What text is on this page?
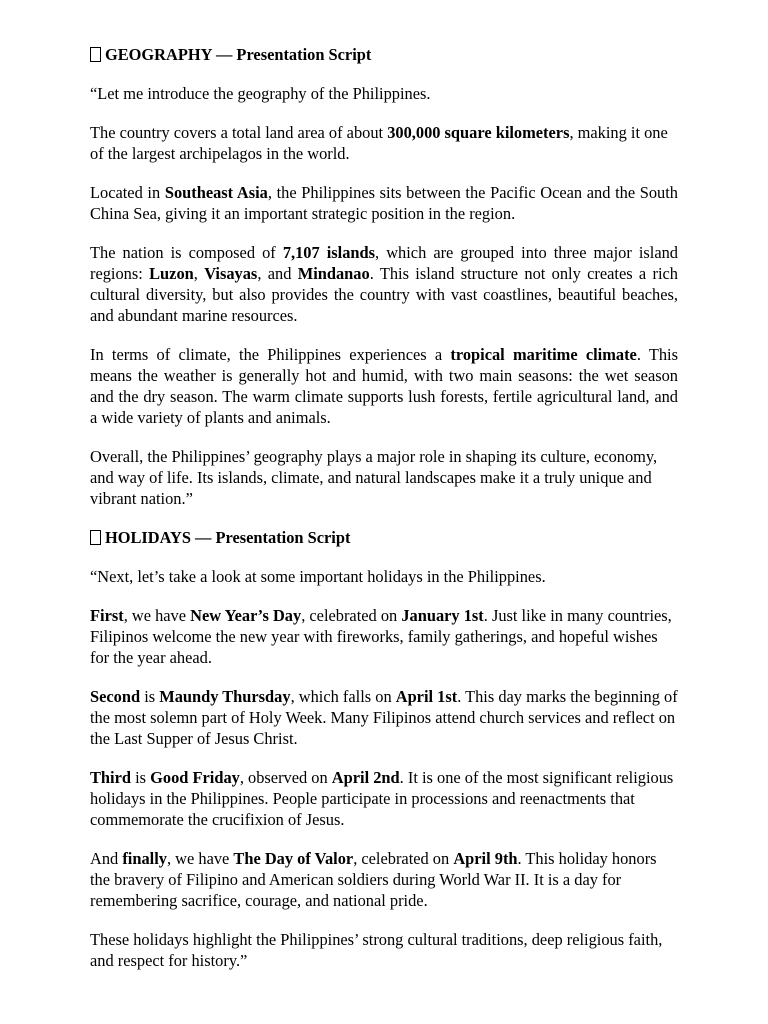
GEOGRAPHY — Presentation Script

“Let me introduce the geography of the Philippines.

The country covers a total land area of about 300,000 square kilometers, making it one of the largest archipelagos in the world.

Located in Southeast Asia, the Philippines sits between the Pacific Ocean and the South China Sea, giving it an important strategic position in the region.

The nation is composed of 7,107 islands, which are grouped into three major island regions: Luzon, Visayas, and Mindanao. This island structure not only creates a rich cultural diversity, but also provides the country with vast coastlines, beautiful beaches, and abundant marine resources.

In terms of climate, the Philippines experiences a tropical maritime climate. This means the weather is generally hot and humid, with two main seasons: the wet season and the dry season. The warm climate supports lush forests, fertile agricultural land, and a wide variety of plants and animals.

Overall, the Philippines’ geography plays a major role in shaping its culture, economy, and way of life. Its islands, climate, and natural landscapes make it a truly unique and vibrant nation.”

HOLIDAYS — Presentation Script

“Next, let’s take a look at some important holidays in the Philippines.

First, we have New Year’s Day, celebrated on January 1st. Just like in many countries, Filipinos welcome the new year with fireworks, family gatherings, and hopeful wishes for the year ahead.

Second is Maundy Thursday, which falls on April 1st. This day marks the beginning of the most solemn part of Holy Week. Many Filipinos attend church services and reflect on the Last Supper of Jesus Christ.

Third is Good Friday, observed on April 2nd. It is one of the most significant religious holidays in the Philippines. People participate in processions and reenactments that commemorate the crucifixion of Jesus.

And finally, we have The Day of Valor, celebrated on April 9th. This holiday honors the bravery of Filipino and American soldiers during World War II. It is a day for remembering sacrifice, courage, and national pride.

These holidays highlight the Philippines’ strong cultural traditions, deep religious faith, and respect for history.”
